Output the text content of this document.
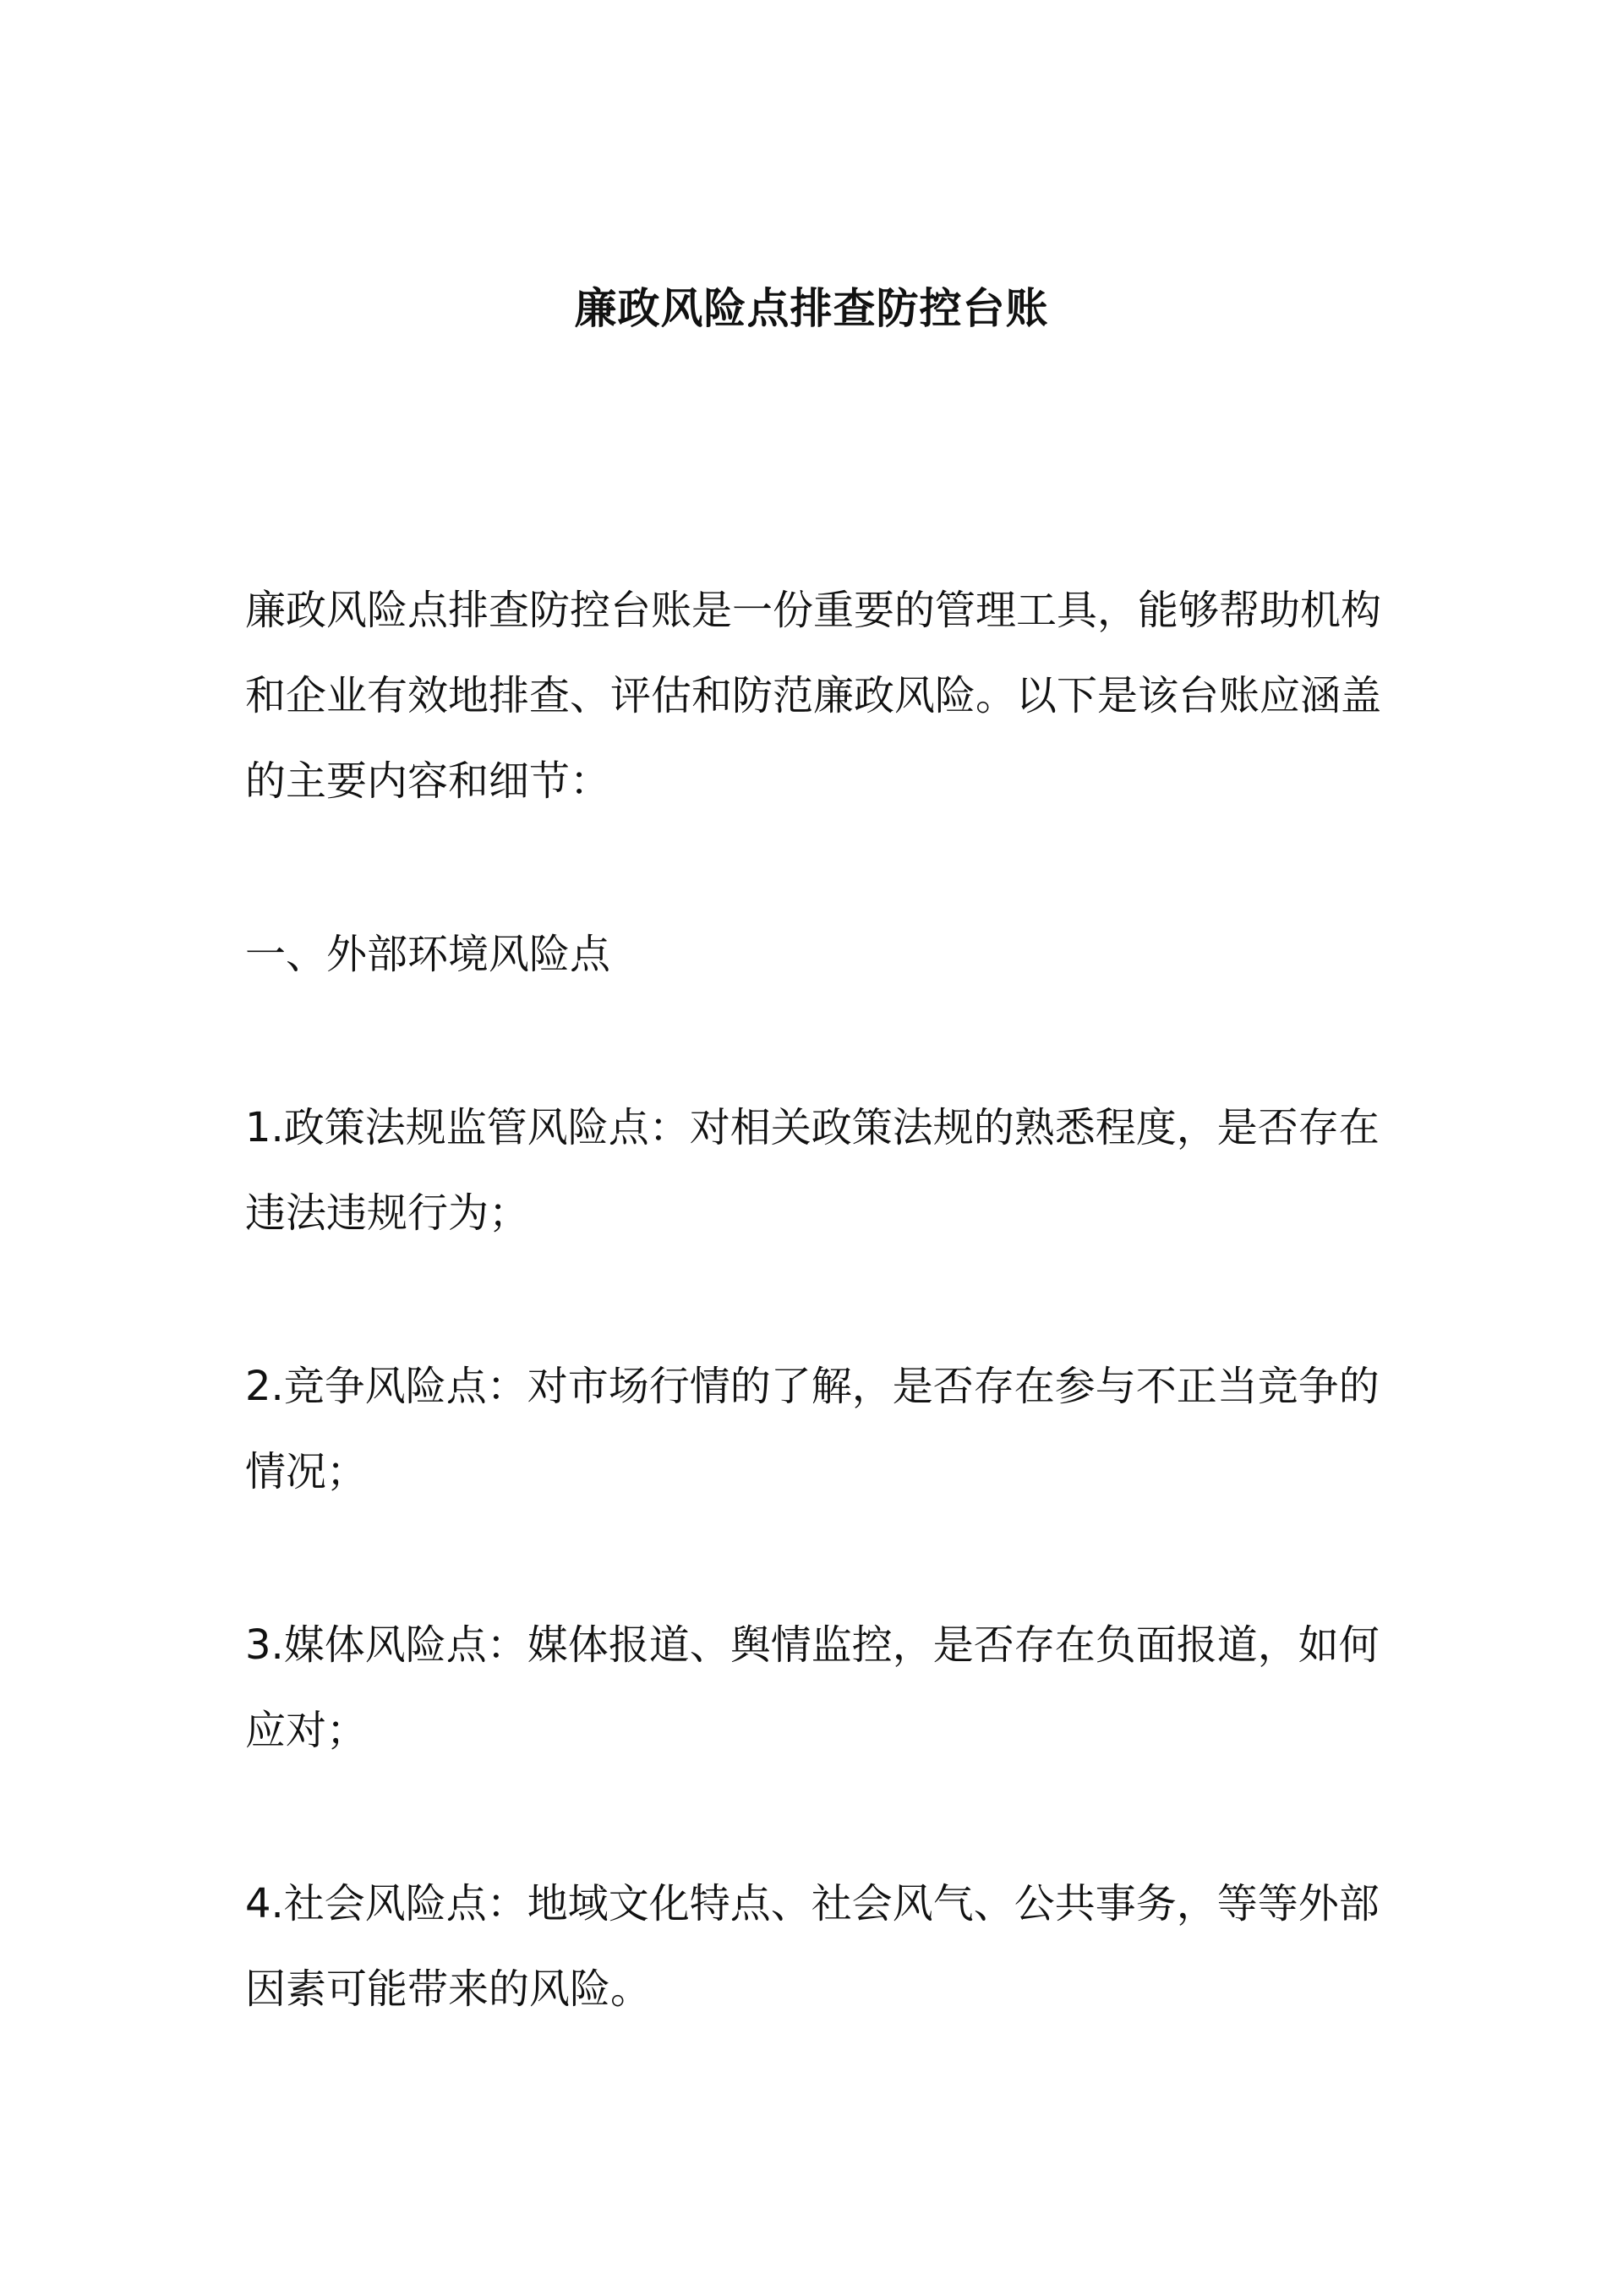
廉政风险点排查防控台账

廉政风险点排查防控台账是一份重要的管理工具，能够帮助机构和企业有效地排查、评估和防范廉政风险。以下是该台账应涵盖的主要内容和细节：

一、外部环境风险点

1.政策法规监管风险点：对相关政策法规的熟悉程度，是否存在违法违规行为；

2.竞争风险点：对市场行情的了解，是否存在参与不正当竞争的情况；

3.媒体风险点：媒体报道、舆情监控，是否存在负面报道，如何应对；

4.社会风险点：地域文化特点、社会风气、公共事务，等等外部因素可能带来的风险。
